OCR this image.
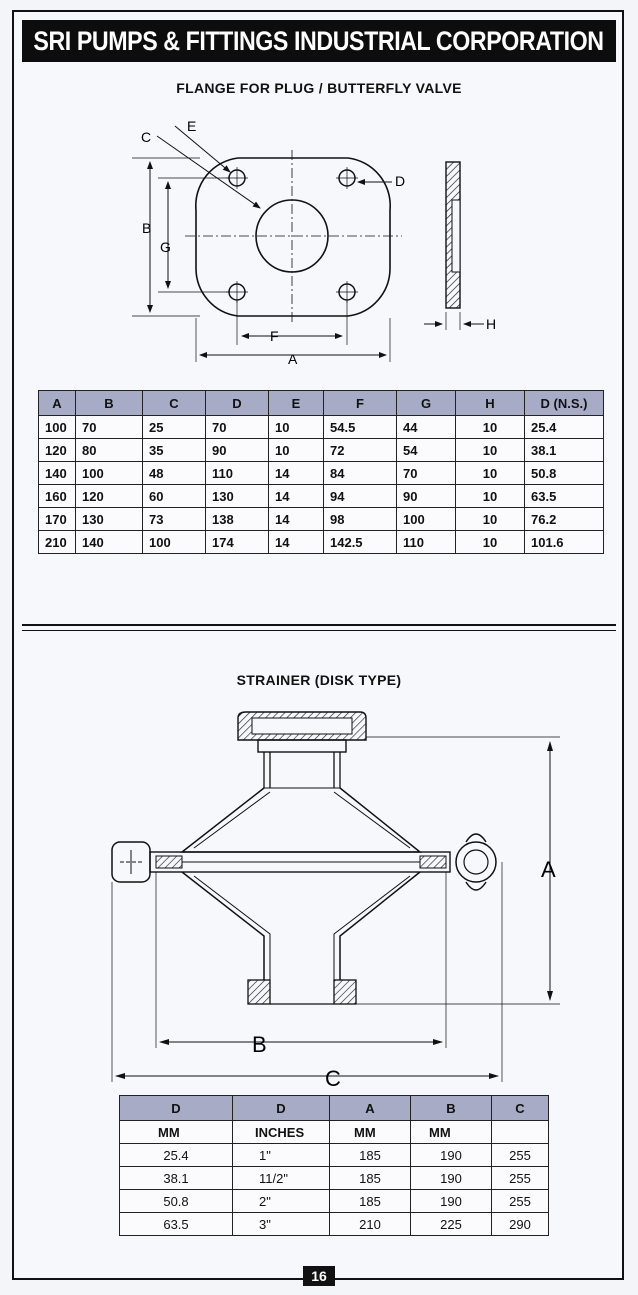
SRI PUMPS & FITTINGS INDUSTRIAL CORPORATION
FLANGE FOR PLUG / BUTTERFLY VALVE
C
E
D
B
G
F
A
H
A	B	C	D	E	F	G	H	D (N.S.)
100	70	25	70	10	54.5	44	10	25.4
120	80	35	90	10	72	54	10	38.1
140	100	48	110	14	84	70	10	50.8
160	120	60	130	14	94	90	10	63.5
170	130	73	138	14	98	100	10	76.2
210	140	100	174	14	142.5	110	10	101.6
STRAINER (DISK TYPE)
A
B
C
D	D	A	B	C
MM	INCHES	MM	MM	
25.4	1"	185	190	255
38.1	11/2"	185	190	255
50.8	2"	185	190	255
63.5	3"	210	225	290
16
